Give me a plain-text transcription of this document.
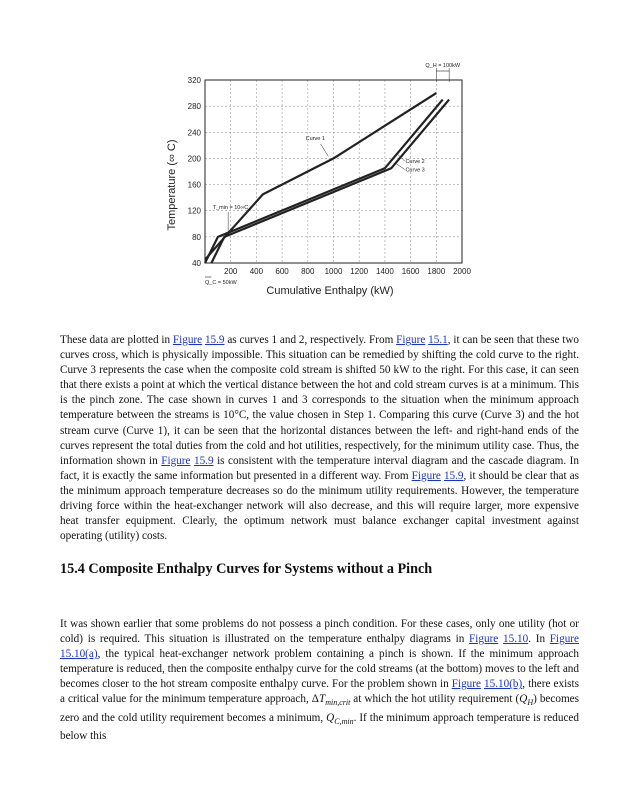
200 400 600 800 1000 1200 1400 1600 1800 2000
40
80
120
160
200
240
280
320
Curve 1
Curve 2
Curve 3
T_min = 10∞C
Q_H = 100kW
Q_C = 50kW
Temperature (∞ C)
Cumulative Enthalpy (kW)

These data are plotted in Figure 15.9 as curves 1 and 2, respectively. From Figure 15.1, it can be seen that these two curves cross, which is physically impossible. This situation can be remedied by shifting the cold curve to the right. Curve 3 represents the case when the composite cold stream is shifted 50 kW to the right. For this case, it can seen that there exists a point at which the vertical distance between the hot and cold stream curves is at a minimum. This is the pinch zone. The case shown in curves 1 and 3 corresponds to the situation when the minimum approach temperature between the streams is 10°C, the value chosen in Step 1. Comparing this curve (Curve 3) and the hot stream curve (Curve 1), it can be seen that the horizontal distances between the left- and right-hand ends of the curves represent the total duties from the cold and hot utilities, respectively, for the minimum utility case. Thus, the information shown in Figure 15.9 is consistent with the temperature interval diagram and the cascade diagram. In fact, it is exactly the same information but presented in a different way. From Figure 15.9, it should be clear that as the minimum approach temperature decreases so do the minimum utility requirements. However, the temperature driving force within the heat-exchanger network will also decrease, and this will require larger, more expensive heat transfer equipment. Clearly, the optimum network must balance exchanger capital investment against operating (utility) costs.

15.4 Composite Enthalpy Curves for Systems without a Pinch

It was shown earlier that some problems do not possess a pinch condition. For these cases, only one utility (hot or cold) is required. This situation is illustrated on the temperature enthalpy diagrams in Figure 15.10. In Figure 15.10(a), the typical heat-exchanger network problem containing a pinch is shown. If the minimum approach temperature is reduced, then the composite enthalpy curve for the cold streams (at the bottom) moves to the left and becomes closer to the hot stream composite enthalpy curve. For the problem shown in Figure 15.10(b), there exists a critical value for the minimum temperature approach, $\Delta T_{min,crit}$ at which the hot utility requirement $(Q_H)$ becomes zero and the cold utility requirement becomes a minimum, $Q_{C,min}$. If the minimum approach temperature is reduced below this
